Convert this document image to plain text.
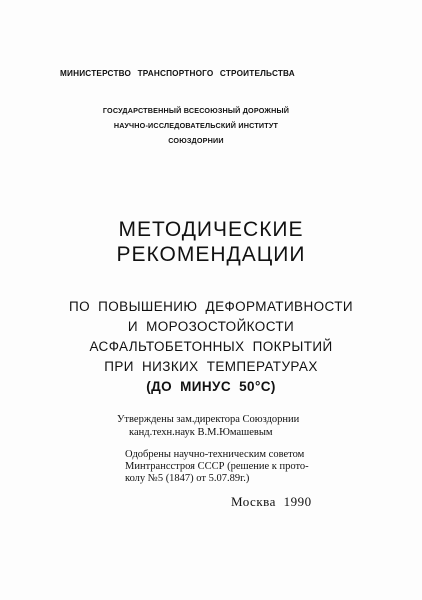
МИНИСТЕРСТВО ТРАНСПОРТНОГО СТРОИТЕЛЬСТВА
ГОСУДАРСТВЕННЫЙ ВСЕСОЮЗНЫЙ ДОРОЖНЫЙ
НАУЧНО-ИССЛЕДОВАТЕЛЬСКИЙ ИНСТИТУТ
СОЮЗДОРНИИ
МЕТОДИЧЕСКИЕ
РЕКОМЕНДАЦИИ
ПО ПОВЫШЕНИЮ ДЕФОРМАТИВНОСТИ
И МОРОЗОСТОЙКОСТИ
АСФАЛЬТОБЕТОННЫХ ПОКРЫТИЙ
ПРИ НИЗКИХ ТЕМПЕРАТУРАХ
(ДО МИНУС 50°С)
Утверждены зам.директора Союздорнии
канд.техн.наук В.М.Юмашевым
Одобрены научно-техническим советом
Минтрансстроя СССР (решение к прото-
колу №5 (1847) от 5.07.89г.)
Москва 1990
